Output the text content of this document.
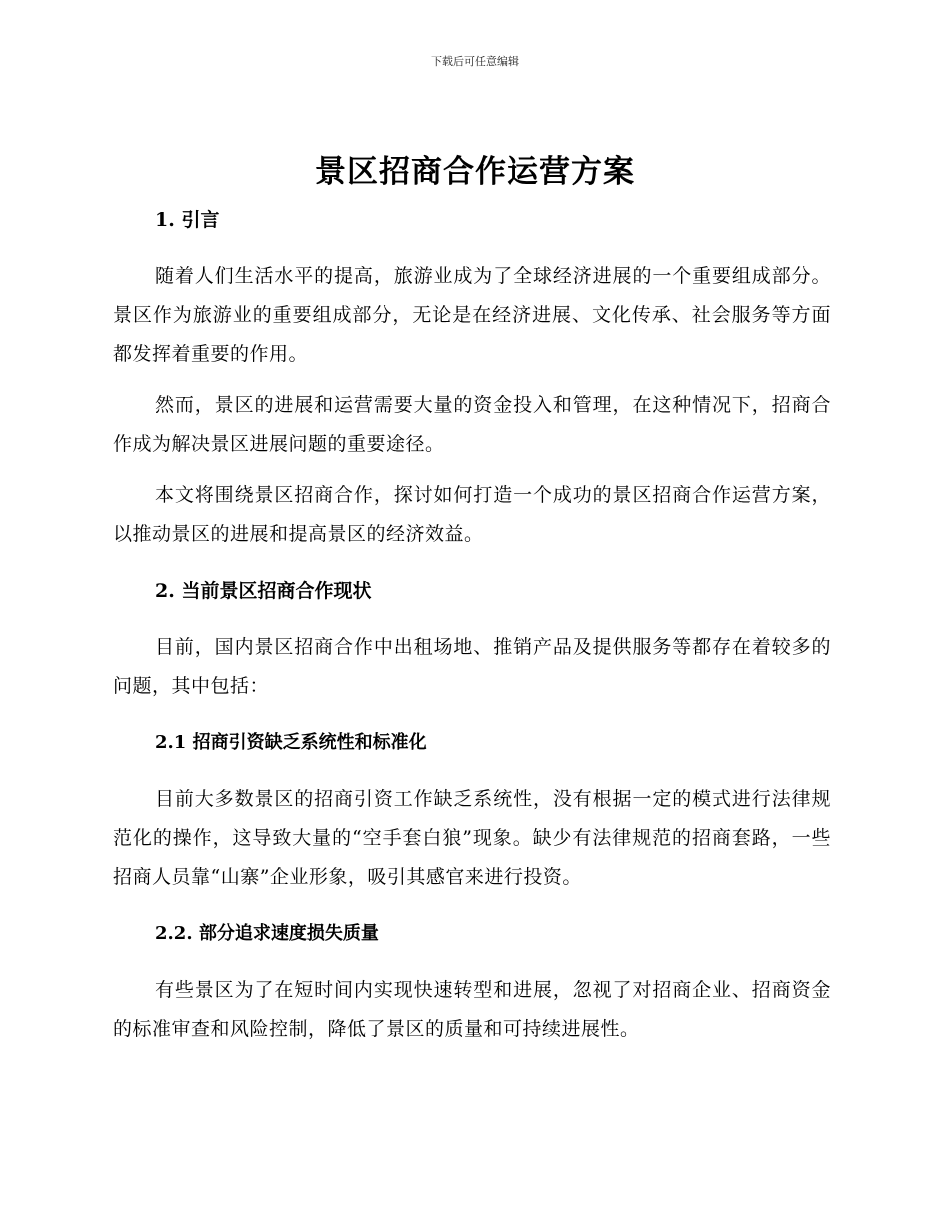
下载后可任意编辑
景区招商合作运营方案
1. 引言

随着人们生活水平的提高，旅游业成为了全球经济进展的一个重要组成部分。景区作为旅游业的重要组成部分，无论是在经济进展、文化传承、社会服务等方面都发挥着重要的作用。

然而，景区的进展和运营需要大量的资金投入和管理，在这种情况下，招商合作成为解决景区进展问题的重要途径。

本文将围绕景区招商合作，探讨如何打造一个成功的景区招商合作运营方案，以推动景区的进展和提高景区的经济效益。

2. 当前景区招商合作现状

目前，国内景区招商合作中出租场地、推销产品及提供服务等都存在着较多的问题，其中包括：

2.1 招商引资缺乏系统性和标准化

目前大多数景区的招商引资工作缺乏系统性，没有根据一定的模式进行法律规范化的操作，这导致大量的“空手套白狼”现象。缺少有法律规范的招商套路，一些招商人员靠“山寨”企业形象，吸引其感官来进行投资。

2.2. 部分追求速度损失质量

有些景区为了在短时间内实现快速转型和进展，忽视了对招商企业、招商资金的标准审查和风险控制，降低了景区的质量和可持续进展性。
